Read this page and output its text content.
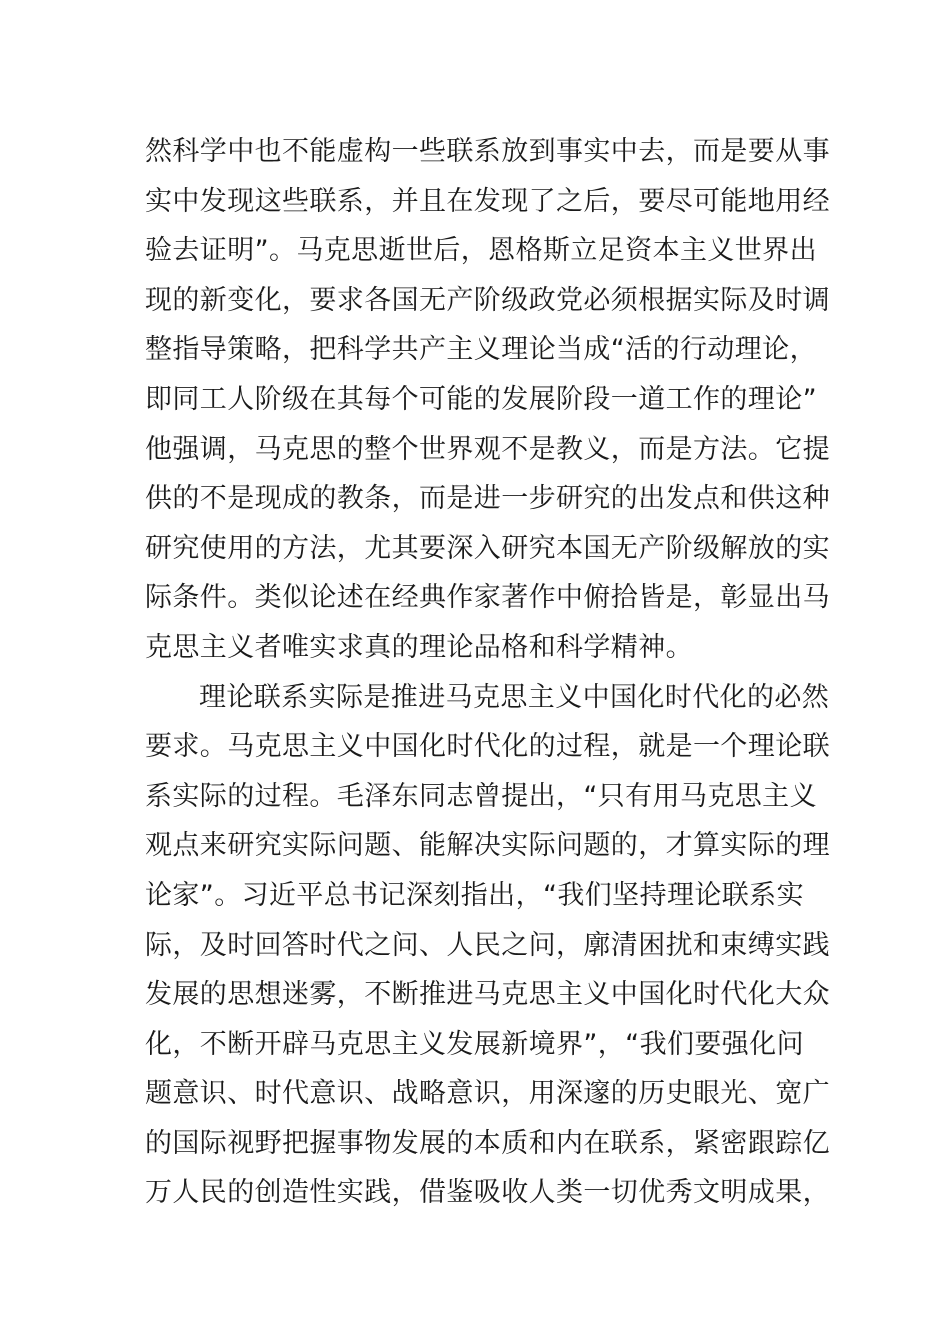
然科学中也不能虚构一些联系放到事实中去，而是要从事
实中发现这些联系，并且在发现了之后，要尽可能地用经
验去证明”。马克思逝世后，恩格斯立足资本主义世界出
现的新变化，要求各国无产阶级政党必须根据实际及时调
整指导策略，把科学共产主义理论当成“活的行动理论，
即同工人阶级在其每个可能的发展阶段一道工作的理论”
他强调，马克思的整个世界观不是教义，而是方法。它提
供的不是现成的教条，而是进一步研究的出发点和供这种
研究使用的方法，尤其要深入研究本国无产阶级解放的实
际条件。类似论述在经典作家著作中俯拾皆是，彰显出马
克思主义者唯实求真的理论品格和科学精神。
理论联系实际是推进马克思主义中国化时代化的必然
要求。马克思主义中国化时代化的过程，就是一个理论联
系实际的过程。毛泽东同志曾提出，“只有用马克思主义
观点来研究实际问题、能解决实际问题的，才算实际的理
论家”。习近平总书记深刻指出，“我们坚持理论联系实
际，及时回答时代之问、人民之问，廓清困扰和束缚实践
发展的思想迷雾，不断推进马克思主义中国化时代化大众
化，不断开辟马克思主义发展新境界”，“我们要强化问
题意识、时代意识、战略意识，用深邃的历史眼光、宽广
的国际视野把握事物发展的本质和内在联系，紧密跟踪亿
万人民的创造性实践，借鉴吸收人类一切优秀文明成果，
